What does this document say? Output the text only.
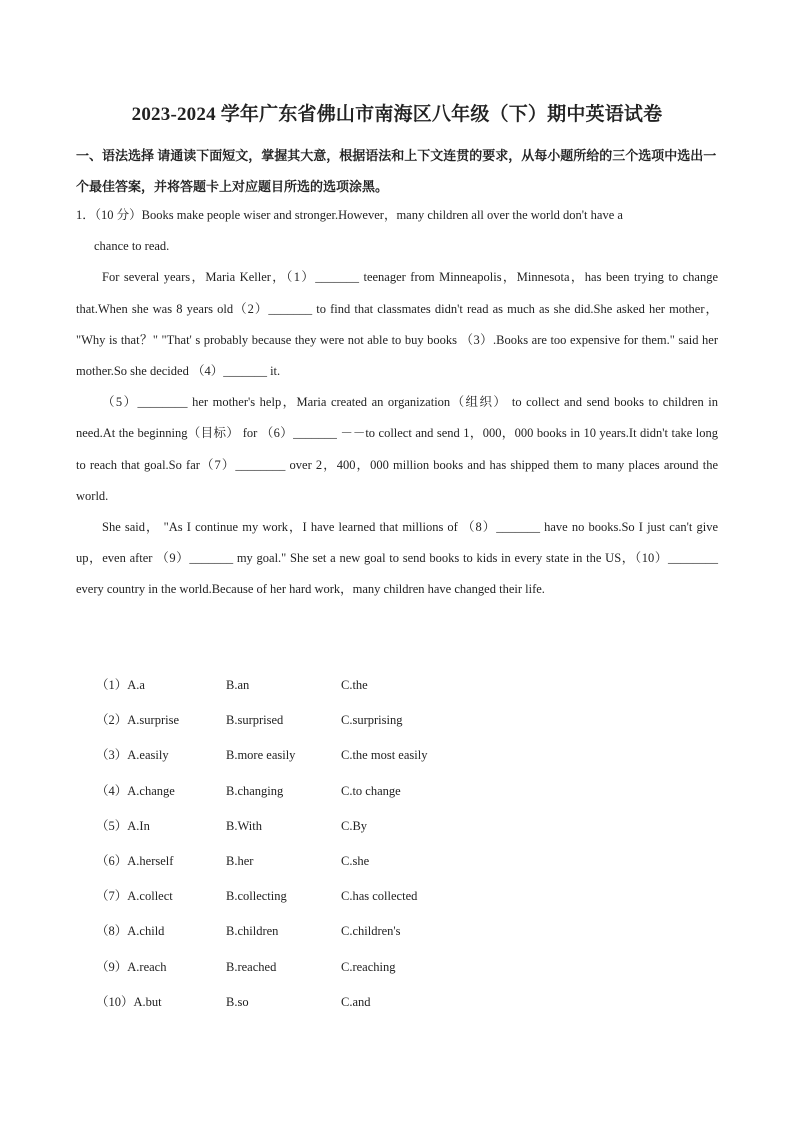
2023-2024 学年广东省佛山市南海区八年级（下）期中英语试卷
一、语法选择 请通读下面短文，掌握其大意，根据语法和上下文连贯的要求，从每小题所给的三个选项中选出一个最佳答案，并将答题卡上对应题目所选的选项涂黑。

1．（10 分）Books make people wiser and stronger.However，many children all over the world don't have a
chance to read.

For several years，Maria Keller，（1）_______ teenager from Minneapolis，Minnesota，has been trying to change that.When she was 8 years old（2）_______ to find that classmates didn't read as much as she did.She asked her mother， "Why is that？" "That' s probably because they were not able to buy books （3）.Books are too expensive for them." said her mother.So she decided （4）_______ it.

（5）________ her mother's help，Maria created an organization（组织） to collect and send books to children in need.At the beginning（目标） for （6）_______ －－to collect and send 1，000，000 books in 10 years.It didn't take long to reach that goal.So far（7）________ over 2，400，000 million books and has shipped them to many places around the world.

She said， "As I continue my work，I have learned that millions of （8）_______ have no books.So I just can't give up，even after （9）_______ my goal." She set a new goal to send books to kids in every state in the US，（10）________ every country in the world.Because of her hard work，many children have changed their life.

（1）A.a	B.an	C.the
（2）A.surprise	B.surprised	C.surprising
（3）A.easily	B.more easily	C.the most easily
（4）A.change	B.changing	C.to change
（5）A.In	B.With	C.By
（6）A.herself	B.her	C.she
（7）A.collect	B.collecting	C.has collected
（8）A.child	B.children	C.children's
（9）A.reach	B.reached	C.reaching
（10）A.but	B.so	C.and
